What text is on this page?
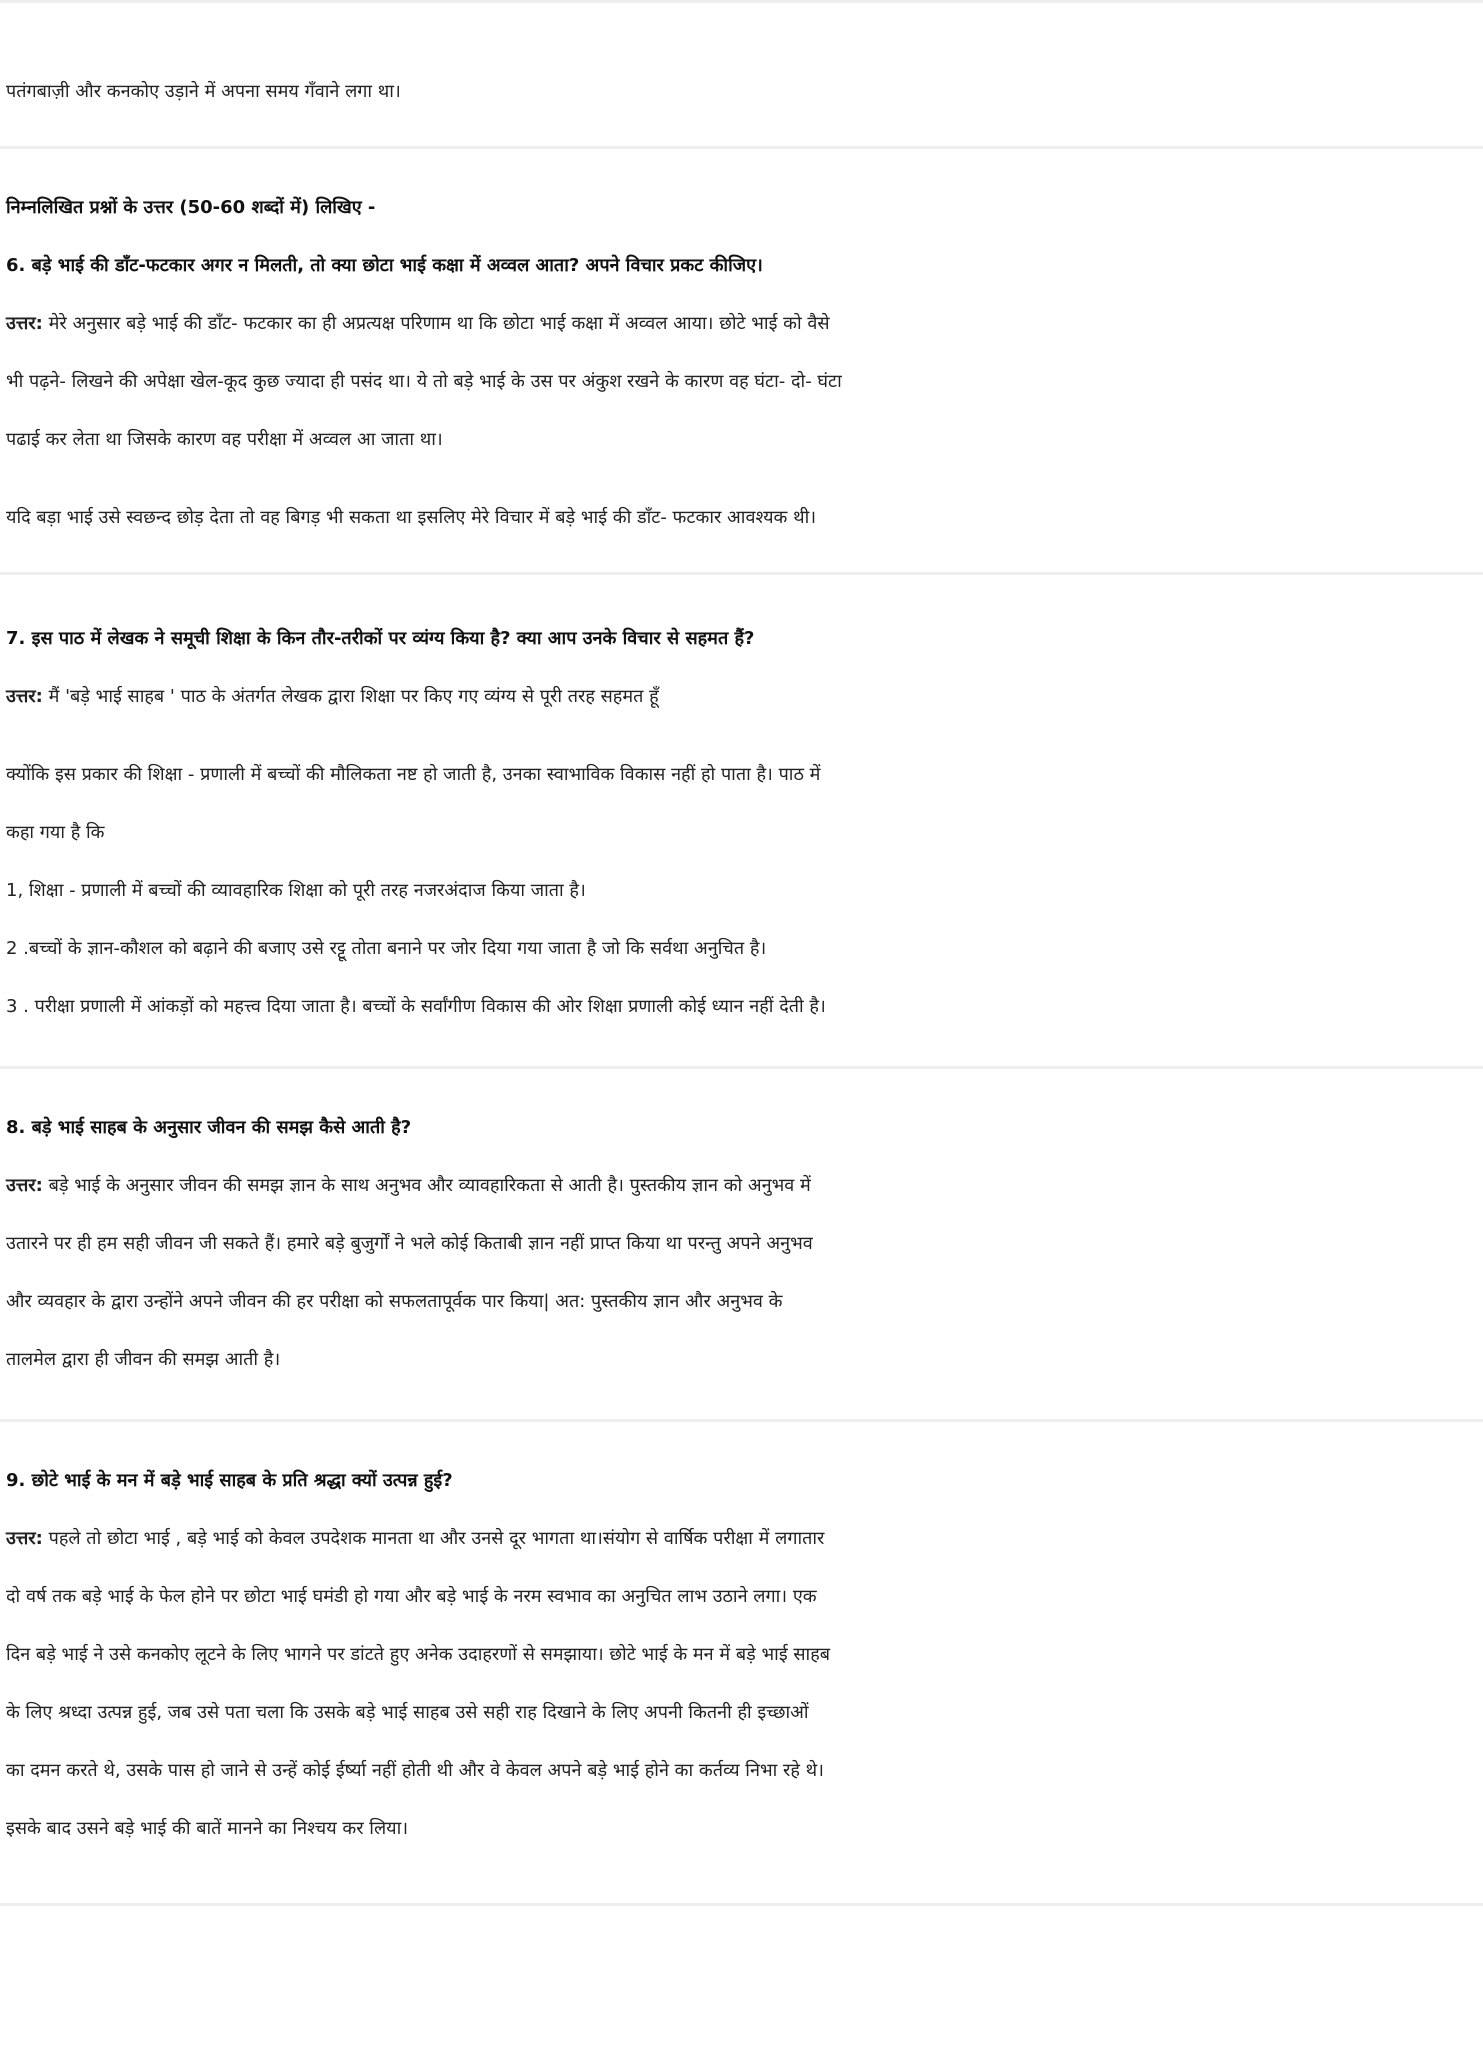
पतंगबाज़ी और कनकोए उड़ाने में अपना समय गँवाने लगा था।
निम्नलिखित प्रश्नों के उत्तर (50-60 शब्दों में) लिखिए -
6. बड़े भाई की डाँट-फटकार अगर न मिलती, तो क्या छोटा भाई कक्षा में अव्वल आता? अपने विचार प्रकट कीजिए।
उत्तर: मेरे अनुसार बड़े भाई की डाँट- फटकार का ही अप्रत्यक्ष परिणाम था कि छोटा भाई कक्षा में अव्वल आया। छोटे भाई को वैसे
भी पढ़ने- लिखने की अपेक्षा खेल-कूद कुछ ज्यादा ही पसंद था। ये तो बड़े भाई के उस पर अंकुश रखने के कारण वह घंटा- दो- घंटा
पढाई कर लेता था जिसके कारण वह परीक्षा में अव्वल आ जाता था।
यदि बड़ा भाई उसे स्वछन्द छोड़ देता तो वह बिगड़ भी सकता था इसलिए मेरे विचार में बड़े भाई की डाँट- फटकार आवश्यक थी।
7. इस पाठ में लेखक ने समूची शिक्षा के किन तौर-तरीकों पर व्यंग्य किया है? क्या आप उनके विचार से सहमत हैं?
उत्तर: मैं 'बड़े भाई साहब ' पाठ के अंतर्गत लेखक द्वारा शिक्षा पर किए गए व्यंग्य से पूरी तरह सहमत हूँ
क्योंकि इस प्रकार की शिक्षा - प्रणाली में बच्चों की मौलिकता नष्ट हो जाती है, उनका स्वाभाविक विकास नहीं हो पाता है। पाठ में
कहा गया है कि
1, शिक्षा - प्रणाली में बच्चों की व्यावहारिक शिक्षा को पूरी तरह नजरअंदाज किया जाता है।
2 .बच्चों के ज्ञान-कौशल को बढ़ाने की बजाए उसे रट्टू तोता बनाने पर जोर दिया गया जाता है जो कि सर्वथा अनुचित है।
3 . परीक्षा प्रणाली में आंकड़ों को महत्त्व दिया जाता है। बच्चों के सर्वांगीण विकास की ओर शिक्षा प्रणाली कोई ध्यान नहीं देती है।
8. बड़े भाई साहब के अनुसार जीवन की समझ कैसे आती है?
उत्तर: बड़े भाई के अनुसार जीवन की समझ ज्ञान के साथ अनुभव और व्यावहारिकता से आती है। पुस्तकीय ज्ञान को अनुभव में
उतारने पर ही हम सही जीवन जी सकते हैं। हमारे बड़े बुजुर्गों ने भले कोई किताबी ज्ञान नहीं प्राप्त किया था परन्तु अपने अनुभव
और व्यवहार के द्वारा उन्होंने अपने जीवन की हर परीक्षा को सफलतापूर्वक पार किया| अत: पुस्तकीय ज्ञान और अनुभव के
तालमेल द्वारा ही जीवन की समझ आती है।
9. छोटे भाई के मन में बड़े भाई साहब के प्रति श्रद्धा क्यों उत्पन्न हुई?
उत्तर: पहले तो छोटा भाई , बड़े भाई को केवल उपदेशक मानता था और उनसे दूर भागता था।संयोग से वार्षिक परीक्षा में लगातार
दो वर्ष तक बड़े भाई के फेल होने पर छोटा भाई घमंडी हो गया और बड़े भाई के नरम स्वभाव का अनुचित लाभ उठाने लगा। एक
दिन बड़े भाई ने उसे कनकोए लूटने के लिए भागने पर डांटते हुए अनेक उदाहरणों से समझाया। छोटे भाई के मन में बड़े भाई साहब
के लिए श्रध्दा उत्पन्न हुई, जब उसे पता चला कि उसके बड़े भाई साहब उसे सही राह दिखाने के लिए अपनी कितनी ही इच्छाओं
का दमन करते थे, उसके पास हो जाने से उन्हें कोई ईर्ष्या नहीं होती थी और वे केवल अपने बड़े भाई होने का कर्तव्य निभा रहे थे।
इसके बाद उसने बड़े भाई की बातें मानने का निश्चय कर लिया।
